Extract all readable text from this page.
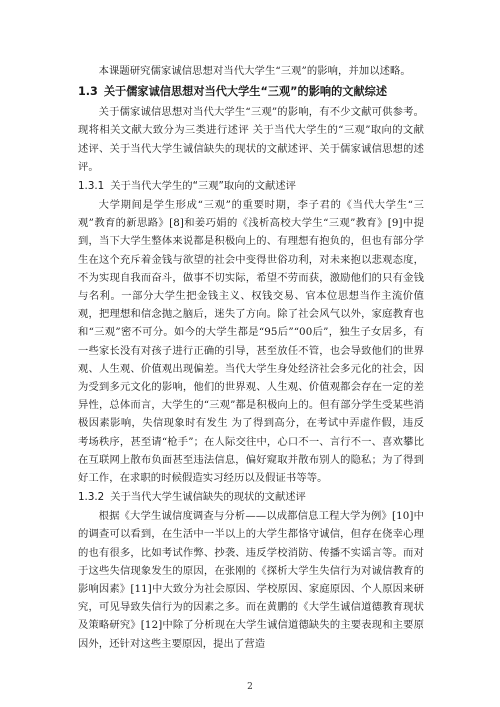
本课题研究儒家诚信思想对当代大学生“三观”的影响，并加以述略。

1.3 关于儒家诚信思想对当代大学生“三观”的影响的文献综述

关于儒家诚信思想对当代大学生“三观”的影响，有不少文献可供参考。现将相关文献大致分为三类进行述评 关于当代大学生的“三观”取向的文献述评、关于当代大学生诚信缺失的现状的文献述评、关于儒家诚信思想的述评。

1.3.1 关于当代大学生的“三观”取向的文献述评

大学期间是学生形成“三观”的重要时期，李子君的《当代大学生“三观”教育的新思路》[8]和姜巧娟的《浅析高校大学生“三观”教育》[9]中提到，当下大学生整体来说都是积极向上的、有理想有抱负的，但也有部分学生在这个充斥着金钱与欲望的社会中变得世俗功利，对未来抱以悲观态度，不为实现自我而奋斗，做事不切实际，希望不劳而获，激励他们的只有金钱与名利。一部分大学生把金钱主义、权钱交易、官本位思想当作主流价值观，把理想和信念抛之脑后，迷失了方向。除了社会风气以外，家庭教育也和“三观”密不可分。如今的大学生都是“95后”“00后”，独生子女居多，有一些家长没有对孩子进行正确的引导，甚至放任不管，也会导致他们的世界观、人生观、价值观出现偏差。当代大学生身处经济社会多元化的社会，因为受到多元文化的影响，他们的世界观、人生观、价值观都会存在一定的差异性，总体而言，大学生的“三观”都是积极向上的。但有部分学生受某些消极因素影响，失信现象时有发生 为了得到高分，在考试中弄虚作假，违反考场秩序，甚至请“枪手”；在人际交往中，心口不一、言行不一、喜欢攀比 在互联网上散布负面甚至违法信息，偏好窥取并散布别人的隐私；为了得到好工作，在求职的时候假造实习经历以及假证书等等。

1.3.2 关于当代大学生诚信缺失的现状的文献述评

根据《大学生诚信度调查与分析——以成都信息工程大学为例》[10]中的调查可以看到，在生活中一半以上的大学生都恪守诚信，但存在侥幸心理的也有很多，比如考试作弊、抄袭、违反学校消防、传播不实谣言等。而对于这些失信现象发生的原因，在张刚的《探析大学生失信行为对诚信教育的影响因素》[11]中大致分为社会原因、学校原因、家庭原因、个人原因来研究，可见导致失信行为的因素之多。而在黄鹏的《大学生诚信道德教育现状及策略研究》[12]中除了分析现在大学生诚信道德缺失的主要表现和主要原因外，还针对这些主要原因，提出了营造

2
